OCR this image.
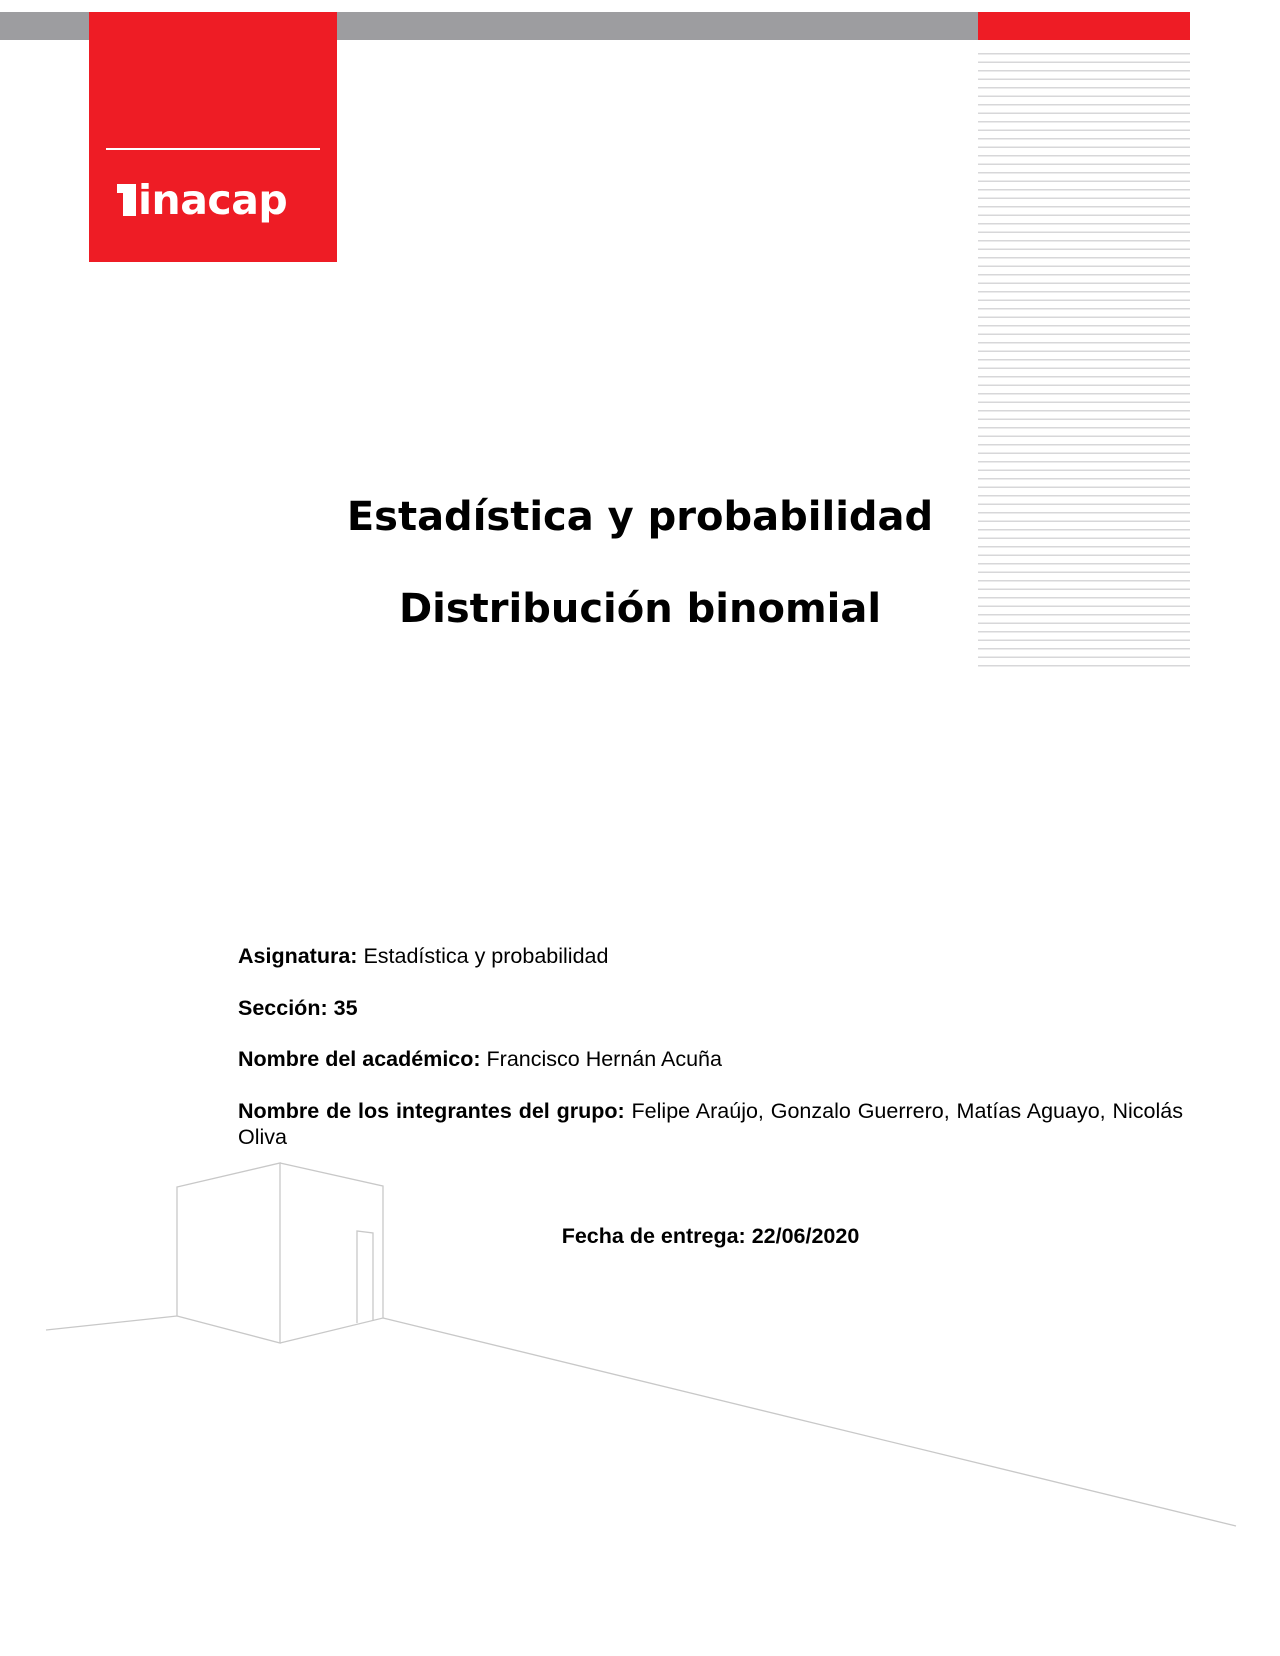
inacap
Estadística y probabilidad
Distribución binomial

Asignatura: Estadística y probabilidad

Sección: 35

Nombre del académico: Francisco Hernán Acuña

Nombre de los integrantes del grupo: Felipe Araújo, Gonzalo Guerrero, Matías Aguayo, Nicolás Oliva

Fecha de entrega: 22/06/2020
